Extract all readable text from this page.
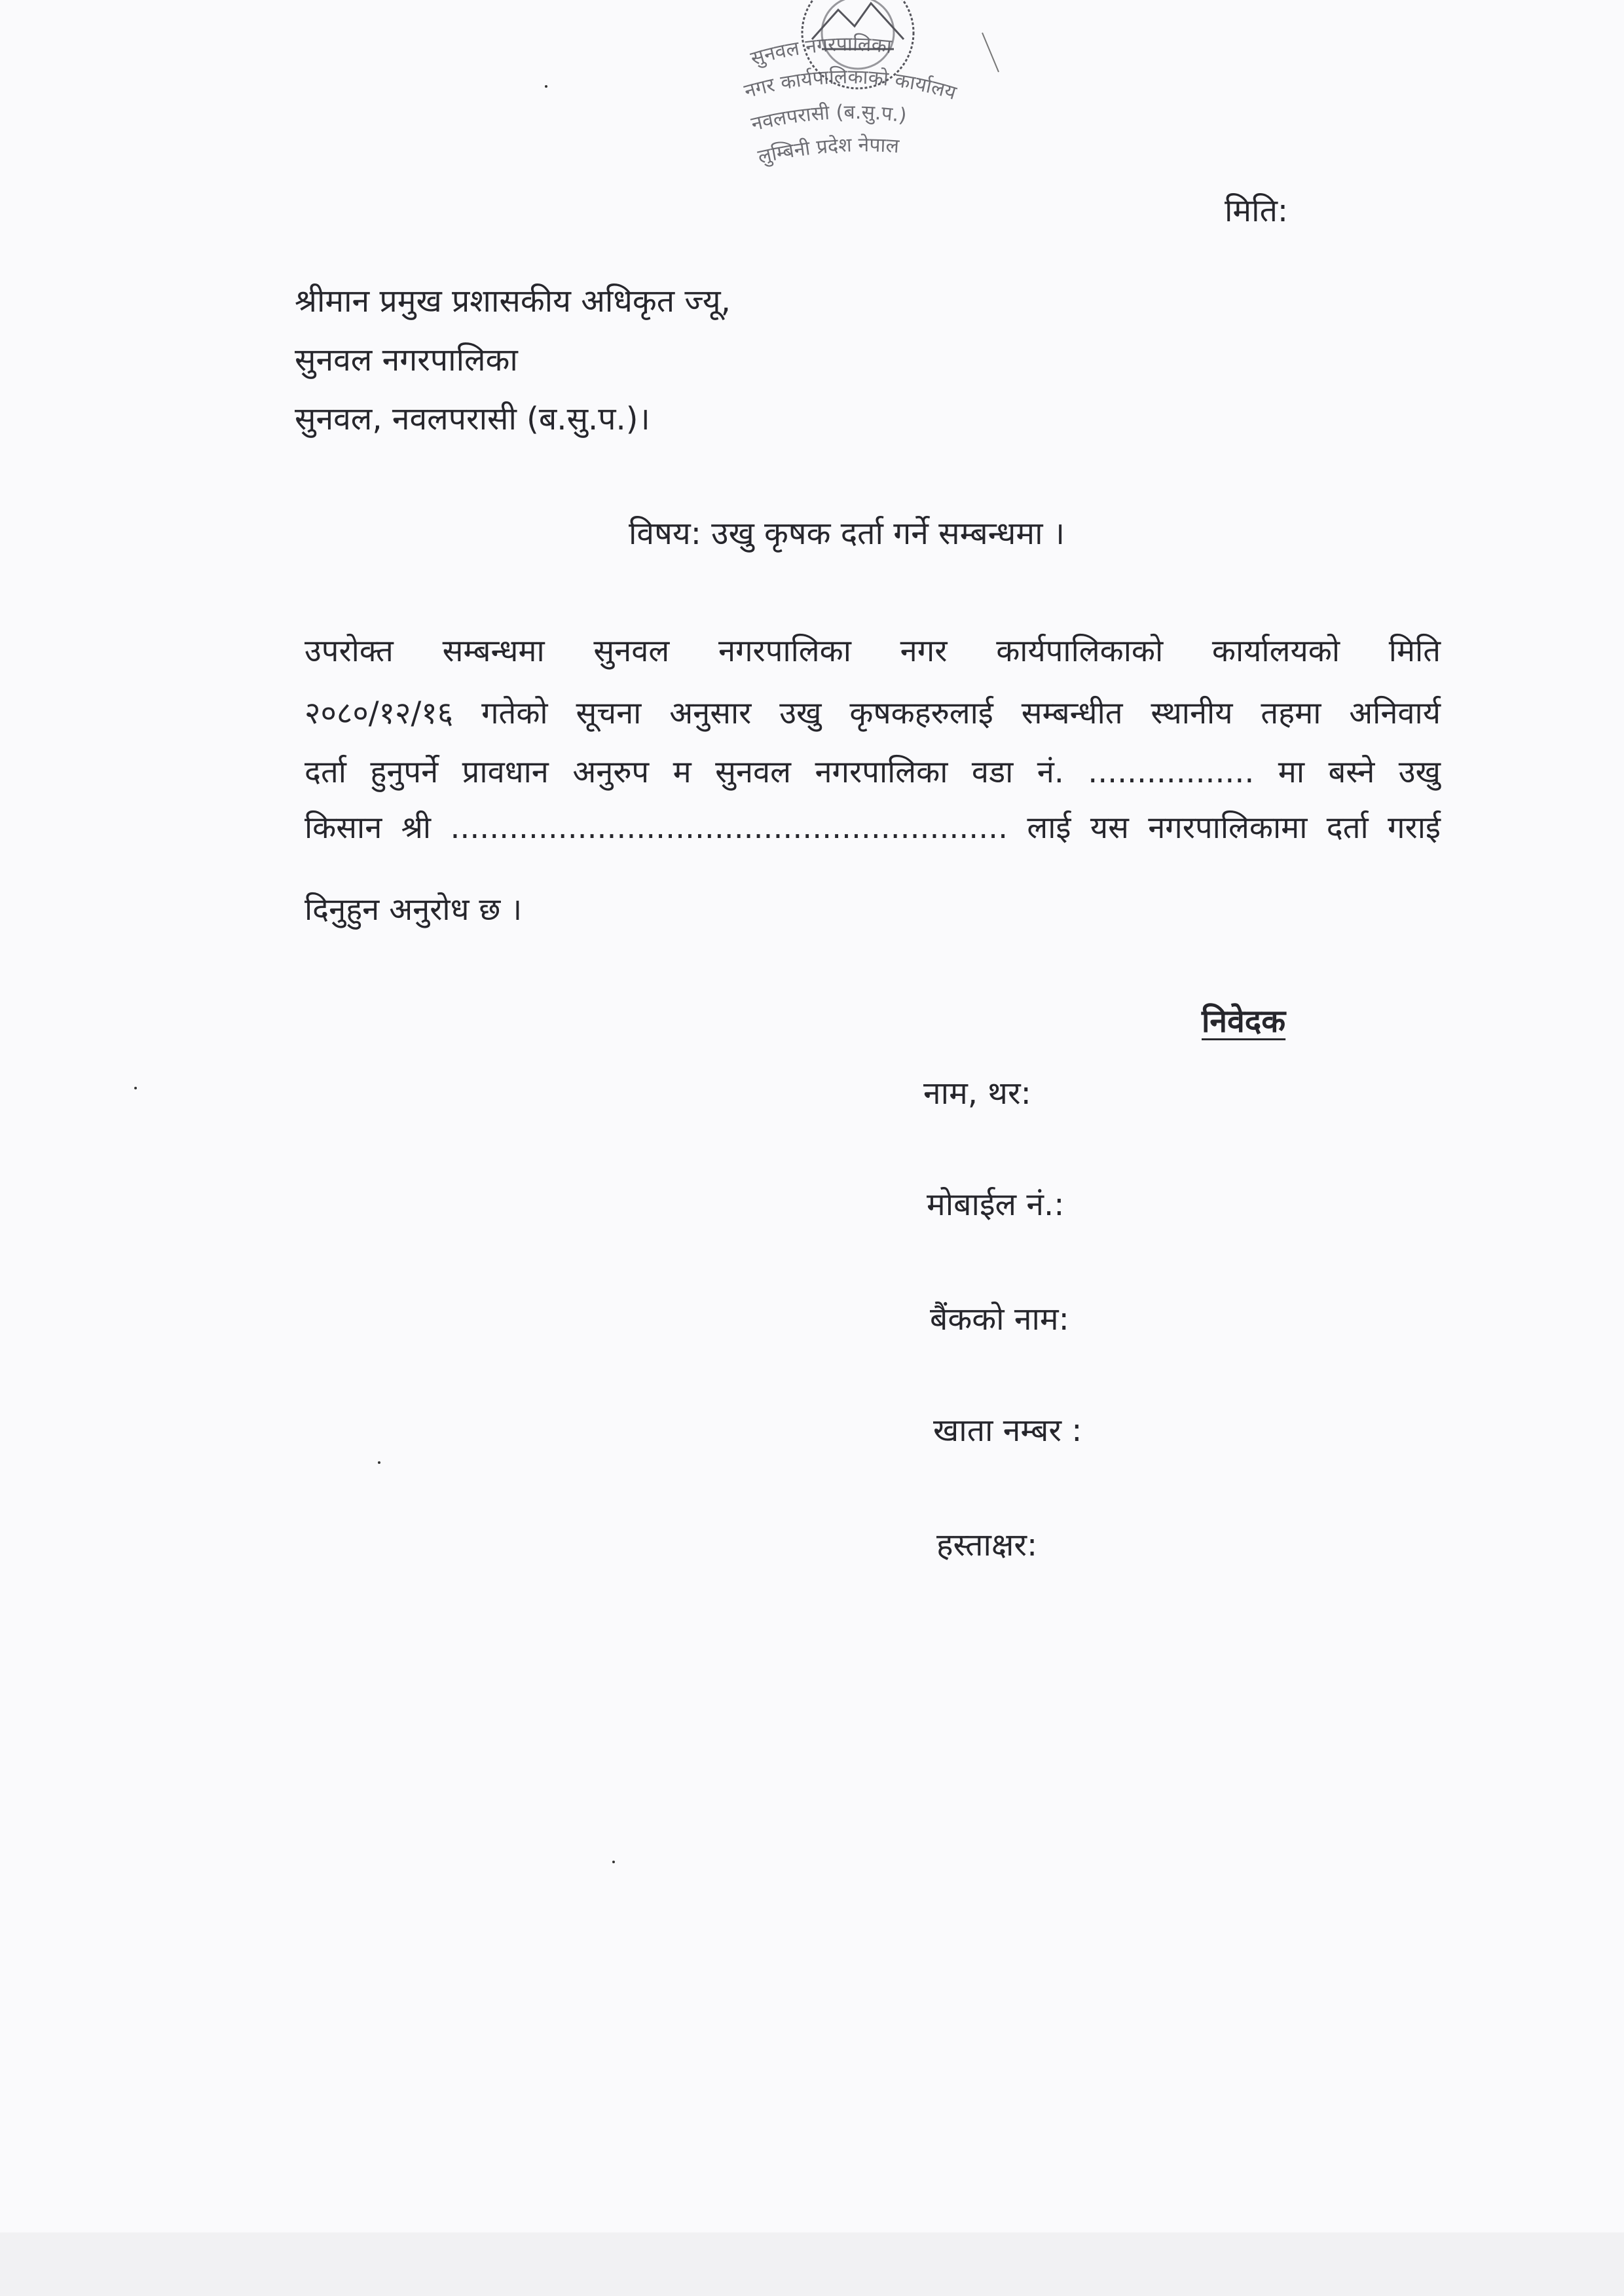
सुनवल नगरपालिका
नगर कार्यपालिकाको कार्यालय
नवलपरासी (ब.सु.प.)
लुम्बिनी प्रदेश नेपाल
मिति:
श्रीमान प्रमुख प्रशासकीय अधिकृत ज्यू,
सुनवल नगरपालिका
सुनवल, नवलपरासी (ब.सु.प.)।
विषय: उखु कृषक दर्ता गर्ने सम्बन्धमा ।
उपरोक्त सम्बन्धमा सुनवल नगरपालिका नगर कार्यपालिकाको कार्यालयको मिति
२०८०/१२/१६ गतेको सूचना अनुसार उखु कृषकहरुलाई सम्बन्धीत स्थानीय तहमा अनिवार्य
दर्ता हुनुपर्ने प्रावधान अनुरुप म सुनवल नगरपालिका वडा नं. ................. मा बस्ने उखु
किसान श्री ......................................................... लाई यस नगरपालिकामा दर्ता गराई
दिनुहुन अनुरोध छ ।
निवेदक
नाम, थर:
मोबाईल नं.:
बैंकको नाम:
खाता नम्बर :
हस्ताक्षर:
